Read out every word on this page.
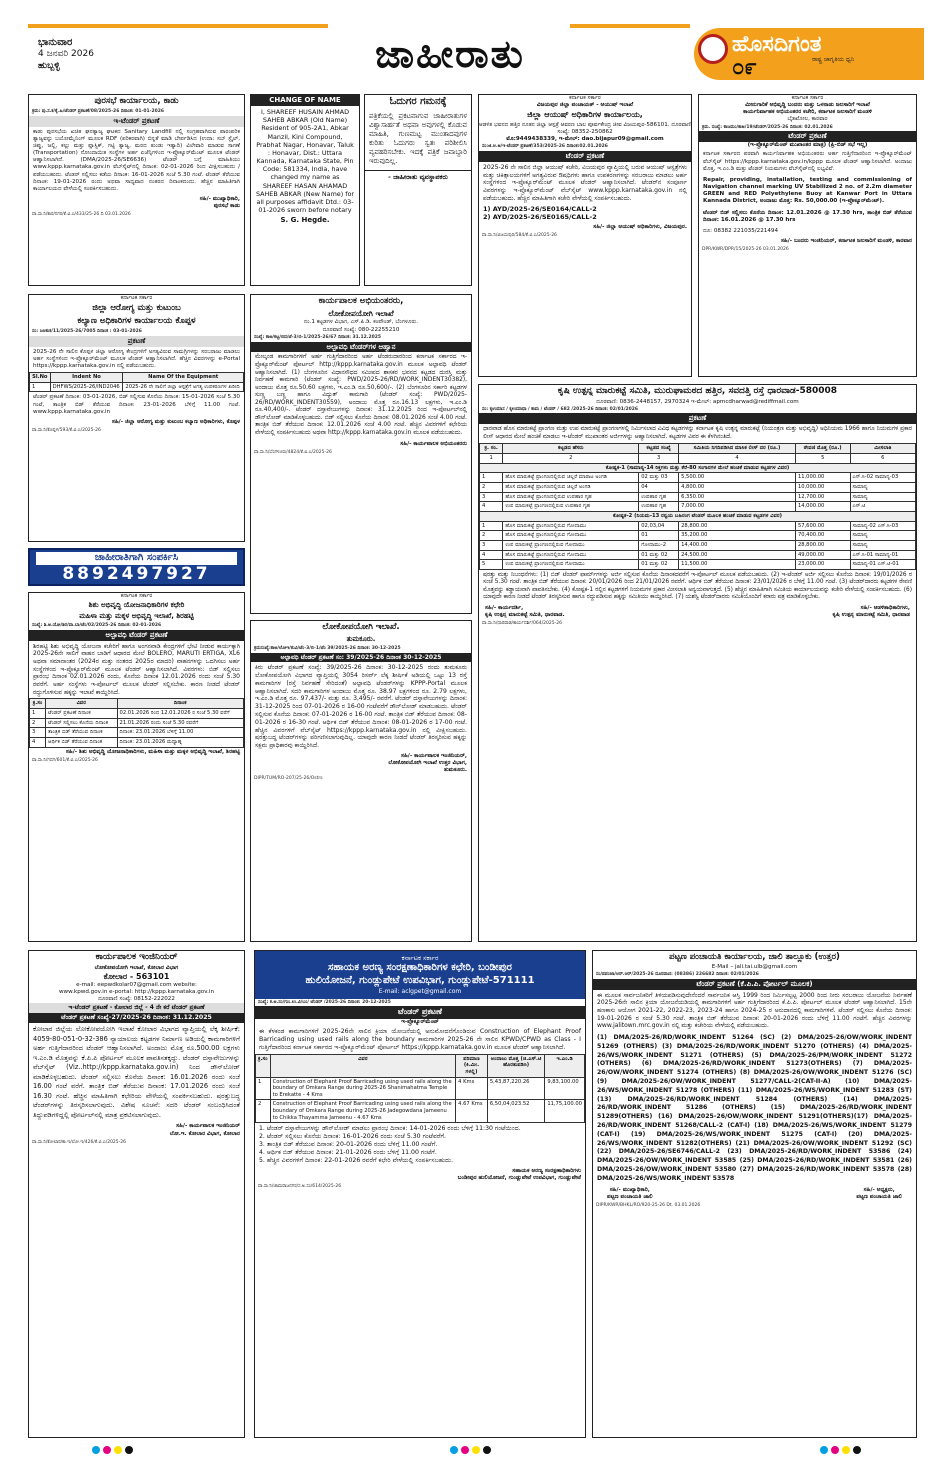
ಭಾನುವಾರ
4 ಜನವರಿ 2026
ಹುಬ್ಬಳ್ಳಿ	ಜಾಹೀರಾತು	ಹೊಸದಿಗಂತ
೦೯	ರಾಷ್ಟ್ರ ಜಾಗೃತಿಯ ಧ್ವನಿ
ಪುರಸಭೆ ಕಾರ್ಯಾಲಯ, ಕಾಡು
ಕ್ರಮ: ಪು.ಸ.ಕ/ಕೈ.ಹಿ/ಟೆಂಡರ್ ಪ್ರಕಟಣೆ/08/2025-26 ದಿನಾಂಕ: 01-01-2026
ಇ-ಟೆಂಡರ್ ಪ್ರಕಟಣೆ
ಕಾಡು ಪುರಸಭೆಯ ಖಚಿತ ಘನತ್ಯಾಜ್ಯ ಘಟಕದ Sanitary Landfill ನಲ್ಲಿ ಸಂಗ್ರಹವಾಗಿರುವ ಪಾರಂಪರಿಕ ತ್ಯಾಜ್ಯವನ್ನು ಬಯೋಮೈನಿಂಗ್ ಮೂಲಕ RDF (ಪರಿಕರವಾಗಿ) ಬಿನ್ನತೆ ಮಾಡಿ ಬೇರ್ಪಡಿಸಿದ (ಉದಾ: ಸಬ್ ಸ್ಟೈಲ್, ಚಿಪ್ಪು, ಜಲ್ಲಿ, ಕಲ್ಲು ಮತ್ತು ಪ್ಲಾಸ್ಟಿಕ್, ಗಟ್ಟಿ ತ್ಯಾಜ್ಯ, ಮರದ ತುಂಡು ಇತ್ಯಾದಿ) ವಿಲೇವಾರಿ ಮಾಡುವ ಸಾಗಣೆ (Transportation) ನೋಂದಾಯಿತ ಸಂಸ್ಥೆಗಳ ಅರ್ಹ ಏಜೆನ್ಸಿಗಳಿಂದ ಇ-ಪ್ರೊಕ್ಯೂರ್‌ಮೆಂಟ್ ಮೂಲಕ ಟೆಂಡರ್ ಆಹ್ವಾನಿಸಲಾಗಿದೆ. (DMA/2025-26/SE6636) ಟೆಂಡರ್ ಬಗ್ಗೆ ಮಾಹಿತಿಯು www.kppp.karnataka.gov.in ವೆಬ್‌ಸೈಟ್‌ನಲ್ಲಿ ದಿನಾಂಕ: 02-01-2026 ರಿಂದ ವೀಕ್ಷಿಸಬಹುದು / ಪಡೆಯಬಹುದು. ಟೆಂಡರ್ ಸಲ್ಲಿಸಲು ಕಡೆಯ ದಿನಾಂಕ: 16-01-2026 ಸಂಜೆ 5.30 ಗಂಟೆ. ಟೆಂಡರ್ ತೆರೆಯುವ ದಿನಾಂಕ: 19-01-2026 ರಂದು ಅಥವಾ ಸಾಧ್ಯವಾದ ನಂತರದ ದಿನಾಂಕದಂದು. ಹೆಚ್ಚಿನ ಮಾಹಿತಿಗಾಗಿ ಕಾರ್ಯಾಲಯದ ವೇಳೆಯಲ್ಲಿ ಸಂಪರ್ಕಿಸಬಹುದು.
ಸಹಿ/- ಮುಖ್ಯಾಧಿಕಾರಿ,
ಪುರಸಭೆ ಕಾಡು
ವಾ.ಸಾ.ನಿ/ಕಾರ/ನಗರ/ಕೆ.ವಿ.ಎ/433/25-26 ದಿ 03.01.2026
CHANGE OF NAME
I, SHAREEF HUSAIN AHMAD SAHEB ABKAR (Old Name) Resident of 905-2A1, Abkar Manzil, Kini Compound, Prabhat Nagar, Honavar, Taluk : Honavar, Dist.: Uttara Kannada, Karnataka State, Pin Code: 581334, India, have changed my name as SHAREEF HASAN AHAMAD SAHEB ABKAR (New Name) for all purposes affidavit Dtd.: 03-01-2026 sworn before notary
S. G. Hegde.
ಓದುಗರ ಗಮನಕ್ಕೆ
ಪತ್ರಿಕೆಯಲ್ಲಿ ಪ್ರಕಟವಾಗುವ ಜಾಹೀರಾತುಗಳ ವಿಶ್ವಾಸಾರ್ಹತೆ ಅಥವಾ ಅವುಗಳಲ್ಲಿ ಕೊಡುವ ಮಾಹಿತಿ, ಗುಣಮಟ್ಟ ಮುಂತಾದವುಗಳ ಕುರಿತು ಓದುಗರು ಸ್ವತಃ ಪರಿಶೀಲಿಸಿ ವ್ಯವಹರಿಸಬೇಕು. ಇದಕ್ಕೆ ಪತ್ರಿಕೆ ಜವಾಬ್ದಾರಿ ಇರುವುದಿಲ್ಲ.
- ಜಾಹೀರಾತು ವ್ಯವಸ್ಥಾಪಕರು
ಕರ್ನಾಟಕ ಸರ್ಕಾರ
ವಿಜಯಪುರ ಜಿಲ್ಲಾ ಪಂಚಾಯತ್ - ಆಯುಷ್ ಇಲಾಖೆ
ಜಿಲ್ಲಾ ಆಯುಷ್ ಅಧಿಕಾರಿಗಳ ಕಾರ್ಯಾಲಯ,
ಆಡಳಿತ ಭವನದ ಹತ್ತಿರ ನೂತನ ಜಿಲ್ಲಾ ಆಸ್ಪತ್ರೆ ಆವರಣ ಬಾಲ ಪೂರ್ವಕೇಂದ್ರ ಜೀವ ವಿಜಯಪುರ-586101. ದೂರವಾಣಿ ಸಂಖ್ಯೆ: 08352-250862
ಮೊ:9449438339, ಇ-ಮೇಲ್: dao.bijapur09@gmail.com
ಸಂ:ಜಿ.ಆ.ಅ/ಇ-ಟೆಂಡರ್ ಪ್ರಕಟಣೆ/353/2025-26 ದಿನಾಂಕ:02.01.2026
ಟೆಂಡರ್ ಪ್ರಕಟಣೆ
2025-26 ನೇ ಸಾಲಿನ ಜಿಲ್ಲಾ ಆಯುಷ್ ಕಚೇರಿ, ವಿಜಯಪುರ ವ್ಯಾಪ್ತಿಯಲ್ಲಿ ಬರುವ ಆಯುಷ್ ಆಸ್ಪತ್ರೆಗಳು ಮತ್ತು ಚಿಕಿತ್ಸಾಲಯಗಳಿಗೆ ಅಗತ್ಯವಿರುವ ಔಷಧಿಗಳು ಹಾಗೂ ಉಪಕರಣಗಳನ್ನು ಸರಬರಾಜು ಮಾಡಲು ಅರ್ಹ ಸಂಸ್ಥೆಗಳಿಂದ ಇ-ಪ್ರೊಕ್ಯೂರ್‌ಮೆಂಟ್ ಮೂಲಕ ಟೆಂಡರ್ ಆಹ್ವಾನಿಸಲಾಗಿದೆ. ಟೆಂಡರ್‌ನ ಸಂಪೂರ್ಣ ವಿವರಗಳನ್ನು ಇ-ಪ್ರೊಕ್ಯೂರ್‌ಮೆಂಟ್ ವೆಬ್‌ಸೈಟ್ www.kppp.karnataka.gov.in ನಲ್ಲಿ ಪಡೆಯಬಹುದು. ಹೆಚ್ಚಿನ ಮಾಹಿತಿಗಾಗಿ ಕಚೇರಿ ವೇಳೆಯಲ್ಲಿ ಸಂಪರ್ಕಿಸಬಹುದು.
1) AYD/2025-26/SE0164/CALL-2
2) AYD/2025-26/SE0165/CALL-2
ಸಹಿ/- ಜಿಲ್ಲಾ ಆಯುಷ್ ಅಧಿಕಾರಿಗಳು, ವಿಜಯಪುರ.
ವಾ.ಸಾ.ನಿ/ವಿಜಯಪುರ/584/ಕೆ.ವಿ.ಎ/2025-26
ಕರ್ನಾಟಕ ಸರ್ಕಾರ
ಮೀನುಗಾರಿಕೆ ಅಭಿವೃದ್ಧಿ ಬಂದರು ಮತ್ತು ಒಳನಾಡು ಜಲಸಾರಿಗೆ ಇಲಾಖೆ
ಕಾರ್ಯನಿರ್ವಾಹಕ ಅಭಿಯಂತರರ ಕಚೇರಿ, ಕರ್ನಾಟಕ ಜಲಸಾರಿಗೆ ಮಂಡಳಿ
ಬೈತಖೋಲ, ಕಾರವಾರ
ಕ್ರಮ. ಸಂಖ್ಯೆ: ಕಾಜಮಂ/ಕಾಅ/19/ಟೆಂಡರ್/2025-26 ದಿನಾಂಕ: 02.01.2026
ಟೆಂಡರ್ ಪ್ರಕಟಣೆ
(ಇ-ಪ್ರೊಕ್ಯೂರ್‌ಮೆಂಟ್ ಮುಖಾಂತರ ಮಾತ್ರ) (ಪ್ರಿ-ಬಿಡ್ ಸಭೆ ಇಲ್ಲ)
ಕರ್ನಾಟಕ ಸರ್ಕಾರದ ಪರವಾಗಿ ಕಾರ್ಯನಿರ್ವಾಹಕ ಅಭಿಯಂತರರು ಅರ್ಹ ಗುತ್ತಿಗೆದಾರರಿಂದ ಇ-ಪ್ರೊಕ್ಯೂರ್‌ಮೆಂಟ್ ವೆಬ್‌ಸೈಟ್ https://kppp.karnataka.gov.in/kppp ಮೂಲಕ ಟೆಂಡರ್ ಆಹ್ವಾನಿಸಲಾಗಿದೆ. ಅಂದಾಜು ಮೊತ್ತ, ಇ.ಎಂ.ಡಿ ಮತ್ತು ಟೆಂಡರ್ ನಿಯಮಗಳು ವೆಬ್‌ಸೈಟ್‌ನಲ್ಲಿ ಲಭ್ಯವಿವೆ.
Repair, providing, installation, testing and commissioning of Navigation channel marking UV Stabilized 2 no. of 2.2m diameter GREEN and RED Polyethylene Buoy at Kanwar Port in Uttara Kannada District, ಅಂದಾಜು ಮೊತ್ತ: Rs. 50,000.00 (ಇ-ಪ್ರೊಕ್ಯೂರ್‌ಮೆಂಟ್).
ಟೆಂಡರ್ ಬಿಡ್ ಸಲ್ಲಿಸಲು ಕೊನೆಯ ದಿನಾಂಕ: 12.01.2026 @ 17.30 hrs, ತಾಂತ್ರಿಕ ಬಿಡ್ ತೆರೆಯುವ ದಿನಾಂಕ: 16.01.2026 @ 17.30 hrs
ದೂ: 08382 221035/221494
ಸಹಿ/- ಬಂದರು ಇಂಜಿನಿಯರ್, ಕರ್ನಾಟಕ ಜಲಸಾರಿಗೆ ಮಂಡಳಿ, ಕಾರವಾರ
DPR/KWR/DPR/15/2025-26 03.01.2026
ಕರ್ನಾಟಕ ಸರ್ಕಾರ
ಜಿಲ್ಲಾ ಆರೋಗ್ಯ ಮತ್ತು ಕುಟುಂಬ
ಕಲ್ಯಾಣ ಅಧಿಕಾರಿಗಳ ಕಾರ್ಯಾಲಯ ಕೊಪ್ಪಳ
ಸಂ: ಜಆಕುಕ/11/2025-26/7005 ದಿನಾಂಕ : 03-01-2026
ಪ್ರಕಟಣೆ
2025-26 ನೇ ಸಾಲಿನ ಕೊಪ್ಪಳ ಜಿಲ್ಲಾ ಆರೋಗ್ಯ ಕೇಂದ್ರಗಳಿಗೆ ಅಗತ್ಯವಿರುವ ಸಾಮಗ್ರಿಗಳನ್ನು ಸರಬರಾಜು ಮಾಡಲು ಅರ್ಹ ಸಂಸ್ಥೆಗಳಿಂದ ಇ-ಪ್ರೊಕ್ಯೂರ್‌ಮೆಂಟ್ ಮೂಲಕ ಟೆಂಡರ್ ಆಹ್ವಾನಿಸಲಾಗಿದೆ. ಹೆಚ್ಚಿನ ವಿವರಗಳನ್ನು e-Portal https://kppp.karnataka.gov.in ನಲ್ಲಿ ಪಡೆಯಬಹುದು.
Sl.No	Indent No	Name Of the Equipment
1	DHFWS/2025-26/IND2046	2025-26 ನೇ ಸಾಲಿಗೆ ಜಿಲ್ಲಾ ಆಸ್ಪತ್ರೆಗೆ ಅಗತ್ಯ ಉಪಕರಣಗಳ ಖರೀದಿ
ಟೆಂಡರ್ ಪ್ರಕಟಣೆ ದಿನಾಂಕ: 03-01-2026, ಬಿಡ್ ಸಲ್ಲಿಸುವ ಕೊನೆಯ ದಿನಾಂಕ: 15-01-2026 ಸಂಜೆ 5.30 ಗಂಟೆ, ತಾಂತ್ರಿಕ ಬಿಡ್ ತೆರೆಯುವ ದಿನಾಂಕ: 23-01-2026 ಬೆಳಿಗ್ಗೆ 11.00 ಗಂಟೆ. www.kppp.karnataka.gov.in
ಸಹಿ/- ಜಿಲ್ಲಾ ಆರೋಗ್ಯ ಮತ್ತು ಕುಟುಂಬ ಕಲ್ಯಾಣ ಅಧಿಕಾರಿಗಳು, ಕೊಪ್ಪಳ
ವಾ.ಸಾ.ನಿ/ಕೊಪ್ಪಳ/593/ಕೆ.ವಿ.ಎ/2025-26
ಜಾಹೀರಾತಿಗಾಗಿ ಸಂಪರ್ಕಿಸಿ
8892497927
ಕಾರ್ಯಪಾಲಕ ಅಭಿಯಂತರರು,
ಲೋಕೋಪಯೋಗಿ ಇಲಾಖೆ
ನಂ.1 ಕಟ್ಟಡಗಳ ವಿಭಾಗ, ಎಸ್.ಪಿ.ಡಿ. ಕಂಪೌಂಡ್, ಬೆಂಗಳೂರು.
ದೂರವಾಣಿ ಸಂಖ್ಯೆ: 080-22255210
ಸಂಖ್ಯೆ: ಕಾಅ/ಕಟ್ಟ/ಬಿದ/ಟೆ-3/ಬಿ-1/2025-26/67 ದಿನಾಂಕ: 31.12.2025
ಅಲ್ಪಾವಧಿ ಟೆಂಡರ್‌ಗಳ ಆಹ್ವಾನ
ಮೇಲ್ಕಂಡ ಕಾಮಗಾರಿಗಳಿಗೆ ಅರ್ಹ ಗುತ್ತಿಗೆದಾರರಿಂದ ಅರ್ಹ ಟೆಂಡರುದಾರರಿಂದ ಕರ್ನಾಟಕ ಸರ್ಕಾರದ ಇ-ಪ್ರೊಕ್ಯೂರ್‌ಮೆಂಟ್ ಪೋರ್ಟಲ್ http://kppp.karnataka.gov.in ಮೂಲಕ ಅಲ್ಪಾವಧಿ ಟೆಂಡರ್ ಆಹ್ವಾನಿಸಲಾಗಿದೆ. (1) ಬೆಂಗಳೂರಿನ ವಿಧಾನಸೌಧದ ಸಮೀಪದ ಶಾಸಕರ ಭವನದ ಕಟ್ಟಡದ ದುರಸ್ತಿ ಮತ್ತು ನಿರ್ವಹಣೆ ಕಾಮಗಾರಿ (ಟೆಂಡರ್ ಸಂಖ್ಯೆ: PWD/2025-26/RD/WORK_INDENT30382), ಅಂದಾಜು ಮೊತ್ತ ರೂ.50.60 ಲಕ್ಷಗಳು, ಇ.ಎಂ.ಡಿ ರೂ.50,600/-. (2) ಬೆಂಗಳೂರಿನ ಸರ್ಕಾರಿ ಕಟ್ಟಡಗಳ ಸುಣ್ಣ ಬಣ್ಣ ಹಾಗೂ ವಿದ್ಯುತ್ ಕಾಮಗಾರಿ (ಟೆಂಡರ್ ಸಂಖ್ಯೆ: PWD/2025-26/RD/WORK_INDENT30559), ಅಂದಾಜು ಮೊತ್ತ ರೂ.16.13 ಲಕ್ಷಗಳು, ಇ.ಎಂ.ಡಿ ರೂ.40,400/-. ಟೆಂಡರ್ ದಸ್ತಾವೇಜುಗಳನ್ನು ದಿನಾಂಕ: 31.12.2025 ರಿಂದ ಇ-ಪೋರ್ಟಲ್‌ನಲ್ಲಿ ಡೌನ್‌ಲೋಡ್ ಮಾಡಿಕೊಳ್ಳಬಹುದು. ಬಿಡ್ ಸಲ್ಲಿಸಲು ಕೊನೆಯ ದಿನಾಂಕ: 08.01.2026 ಸಂಜೆ 4.00 ಗಂಟೆ. ತಾಂತ್ರಿಕ ಬಿಡ್ ತೆರೆಯುವ ದಿನಾಂಕ: 12.01.2026 ಸಂಜೆ 4.00 ಗಂಟೆ. ಹೆಚ್ಚಿನ ವಿವರಗಳಿಗೆ ಕಛೇರಿಯ ವೇಳೆಯಲ್ಲಿ ಸಂಪರ್ಕಿಸಬಹುದು ಅಥವಾ http://kppp.karnataka.gov.in ಮೂಲಕ ಪಡೆಯಬಹುದು.
ಸಹಿ/- ಕಾರ್ಯಪಾಲಕ ಅಭಿಯಂತರರು
ವಾ.ಸಾ.ನಿ/ಬೆಂಗಳೂರು/4824/ಕೆ.ವಿ.ಎ/2025-26
ಕರ್ನಾಟಕ ಸರ್ಕಾರ
ಶಿಶು ಅಭಿವೃದ್ಧಿ ಯೋಜನಾಧಿಕಾರಿಗಳ ಕಛೇರಿ
ಮಹಿಳಾ ಮತ್ತು ಮಕ್ಕಳ ಅಭಿವೃದ್ಧಿ ಇಲಾಖೆ, ಶಿರಹಟ್ಟಿ
ಸಂಖ್ಯೆ: ಶಿ.ಅ.ಯೋ/ಶಿರ/ವಾ.ಬಾ/ಟೆಂ/02/2025-26 ದಿನಾಂಕ: 02-01-2026
ಅಲ್ಪಾವಧಿ ಟೆಂಡರ್ ಪ್ರಕಟಣೆ
ಶಿರಹಟ್ಟಿ ಶಿಶು ಅಭಿವೃದ್ಧಿ ಯೋಜನಾ ಕಚೇರಿಗೆ ಹಾಗೂ ಅಂಗನವಾಡಿ ಕೇಂದ್ರಗಳಿಗೆ ಭೇಟಿ ನೀಡುವ ಕಾರ್ಯಕ್ಕಾಗಿ 2025-26ನೇ ಸಾಲಿಗೆ ವಾಹನ ಬಾಡಿಗೆ ಆಧಾರದ ಮೇಲೆ BOLERO, MARUTI ERTIGA, XL6 ಅಥವಾ ಸಮಾನಾಂತರ (2024ರ ಮತ್ತು ನಂತರದ 2025ರ ಮಾದರಿ) ವಾಹನಗಳನ್ನು ಒದಗಿಸಲು ಅರ್ಹ ಸಂಸ್ಥೆಗಳಿಂದ ಇ-ಪ್ರೊಕ್ಯೂರ್‌ಮೆಂಟ್ ಮೂಲಕ ಟೆಂಡರ್ ಆಹ್ವಾನಿಸಲಾಗಿದೆ. ವಿವರಗಳು: ಬಿಡ್ ಸಲ್ಲಿಸಲು ಪ್ರಾರಂಭ ದಿನಾಂಕ 02.01.2026 ರಂದು, ಕೊನೆಯ ದಿನಾಂಕ 12.01.2026 ರಂದು ಸಂಜೆ 5.30 ರವರೆಗೆ. ಅರ್ಹ ಸಂಸ್ಥೆಗಳು ಇ-ಪೋರ್ಟಲ್ ಮೂಲಕ ಟೆಂಡರ್ ಸಲ್ಲಿಸಬೇಕು. ಕಾರಣ ನೀಡದೆ ಟೆಂಡರ್ ರದ್ದುಗೊಳಿಸುವ ಹಕ್ಕನ್ನು ಇಲಾಖೆ ಕಾಯ್ದಿರಿಸಿದೆ.
ಕ್ರ.ಸಂ	ವಿವರ	ದಿನಾಂಕ
1	ಟೆಂಡರ್ ಪ್ರಕಟಣೆ ದಿನಾಂಕ	02.01.2026 ರಿಂದ 12.01.2026 ರ ಸಂಜೆ 5.30 ವರೆಗೆ
2	ಟೆಂಡರ್ ಸಲ್ಲಿಸಲು ಕೊನೆಯ ದಿನಾಂಕ	21.01.2026 ರಂದು ಸಂಜೆ 5.30 ರವರೆಗೆ
3	ತಾಂತ್ರಿಕ ಬಿಡ್ ತೆರೆಯುವ ದಿನಾಂಕ	ದಿನಾಂಕ: 23.01.2026 ಬೆಳಿಗ್ಗೆ 11.00
4	ಆರ್ಥಿಕ ಬಿಡ್ ತೆರೆಯುವ ದಿನಾಂಕ	ದಿನಾಂಕ: 23.01.2026 ಮಧ್ಯಾಹ್ನ
ಸಹಿ/- ಶಿಶು ಅಭಿವೃದ್ಧಿ ಯೋಜನಾಧಿಕಾರಿಗಳು, ಮಹಿಳಾ ಮತ್ತು ಮಕ್ಕಳ ಅಭಿವೃದ್ಧಿ ಇಲಾಖೆ, ಶಿರಹಟ್ಟಿ
ವಾ.ಸಾ.ನಿ/ಗದಗ/601/ಕೆ.ವಿ.ಎ/2025-26
ಲೋಕೋಪಯೋಗಿ ಇಲಾಖೆ.
ತುಮಕೂರು.
ಕ್ರಮಸಂಖ್ಯೆ:ಕಾಅ/ಲೋಇ/ತುವಿ/ಟೆಂ-3/ಬಿ-1/ಟೆಂ 39/2025-26 ದಿನಾಂಕ: 30-12-2025
ಅಲ್ಪಾವಧಿ ಟೆಂಡರ್ ಪ್ರಕಟಣೆ ಸಂ: 39/2025-26 ದಿನಾಂಕ 30-12-2025
ಕಿರು ಟೆಂಡರ್ ಪ್ರಕಟಣೆ ಸಂಖ್ಯೆ: 39/2025-26 ದಿನಾಂಕ: 30-12-2025 ರಂದು ತುಮಕೂರು ಲೋಕೋಪಯೋಗಿ ವಿಭಾಗದ ವ್ಯಾಪ್ತಿಯಲ್ಲಿ 3054 ರಿಸರ್ವ್ ಲೆಕ್ಕ ಶೀರ್ಷಿಕೆ ಅಡಿಯಲ್ಲಿ ಒಟ್ಟು 13 ರಸ್ತೆ ಕಾಮಗಾರಿಗಳ (ರಸ್ತೆ ನಿರ್ವಹಣೆ ಸೇರಿದಂತೆ) ಅಲ್ಪಾವಧಿ ಟೆಂಡರ್‌ಗಳನ್ನು KPPP-Portal ಮೂಲಕ ಆಹ್ವಾನಿಸಲಾಗಿದೆ. ಸದರಿ ಕಾಮಗಾರಿಗಳ ಅಂದಾಜು ಮೊತ್ತ ರೂ. 38.97 ಲಕ್ಷಗಳಿಂದ ರೂ. 2.79 ಲಕ್ಷಗಳು, ಇ.ಎಂ.ಡಿ ಮೊತ್ತ ರೂ. 97,437/- ಮತ್ತು ರೂ. 3,495/- ರವರೆಗೆ. ಟೆಂಡರ್ ದಸ್ತಾವೇಜುಗಳನ್ನು ದಿನಾಂಕ: 31-12-2025 ರಿಂದ 07-01-2026 ರ 16-00 ಗಂಟೆವರೆಗೆ ಡೌನ್‌ಲೋಡ್ ಮಾಡಬಹುದು. ಟೆಂಡರ್ ಸಲ್ಲಿಸುವ ಕೊನೆಯ ದಿನಾಂಕ: 07-01-2026 ರ 16-00 ಗಂಟೆ. ತಾಂತ್ರಿಕ ಬಿಡ್ ತೆರೆಯುವ ದಿನಾಂಕ: 08-01-2026 ರ 16-30 ಗಂಟೆ. ಆರ್ಥಿಕ ಬಿಡ್ ತೆರೆಯುವ ದಿನಾಂಕ: 08-01-2026 ರ 17-00 ಗಂಟೆ. ಹೆಚ್ಚಿನ ವಿವರಗಳಿಗೆ ವೆಬ್‌ಸೈಟ್ https://kppp.karnataka.gov.in ನಲ್ಲಿ ವೀಕ್ಷಿಸಬಹುದು. ಷರತ್ತುಬದ್ಧ ಟೆಂಡರ್‌ಗಳನ್ನು ಪರಿಗಣಿಸಲಾಗುವುದಿಲ್ಲ. ಯಾವುದೇ ಕಾರಣ ನೀಡದೆ ಟೆಂಡರ್ ತಿರಸ್ಕರಿಸುವ ಹಕ್ಕನ್ನು ಸಕ್ಷಮ ಪ್ರಾಧಿಕಾರವು ಕಾಯ್ದಿರಿಸಿದೆ.
ಸಹಿ/- ಕಾರ್ಯಪಾಲಕ ಇಂಜಿನಿಯರ್,
ಲೋಕೋಪಯೋಗಿ ಇಲಾಖೆ ಉತ್ತರ ವಿಭಾಗ,
ತುಮಕೂರು.
DIPR/TUM/RO-207/25-26/Ostrs
ಕೃಷಿ ಉತ್ಪನ್ನ ಮಾರುಕಟ್ಟೆ ಸಮಿತಿ, ಮುರುಘಾಮಠದ ಹತ್ತಿರ, ಸವದತ್ತಿ ರಸ್ತೆ ಧಾರವಾಡ-580008
ದೂರವಾಣಿ: 0836-2448157, 2970324 ಇ-ಮೇಲ್: apmcdharwad@rediffmail.com
ಸಂ: ಕೃಉಮಾಸ / ಕೃಉಮಾಧಾ / ಕಾಮ / ಟೆಂಡರ್ / 682 /2025-26 ದಿನಾಂಕ: 02/01/2026
ಪ್ರಕಟಣೆ
ಧಾರವಾಡ ಹೊಸ ಮಾರುಕಟ್ಟೆ ಪ್ರಾಂಗಣ ಮತ್ತು ಉಪ ಮಾರುಕಟ್ಟೆ ಪ್ರಾಂಗಣಗಳಲ್ಲಿ ನಿರ್ಮಿಸಲಾದ ವಿವಿಧ ಕಟ್ಟಡಗಳನ್ನು ಕರ್ನಾಟಕ ಕೃಷಿ ಉತ್ಪನ್ನ ಮಾರುಕಟ್ಟೆ (ನಿಯಂತ್ರಣ ಮತ್ತು ಅಭಿವೃದ್ಧಿ) ಅಧಿನಿಯಮ 1966 ಹಾಗೂ ನಿಯಮಗಳ ಪ್ರಕಾರ ಲೀಸ್ ಆಧಾರದ ಮೇಲೆ ಹಂಚಿಕೆ ಮಾಡಲು ಇ-ಟೆಂಡರ್ ಮುಖಾಂತರ ಅರ್ಜಿಗಳನ್ನು ಆಹ್ವಾನಿಸಲಾಗಿದೆ. ಕಟ್ಟಡಗಳ ವಿವರ ಈ ಕೆಳಗಿನಂತಿದೆ.
ಕ್ರ. ಸಂ.	ಕಟ್ಟಡದ ಹೆಸರು	ಕಟ್ಟಡದ ಸಂಖ್ಯೆ	ಸಮಿತಿಯ ನಿಗದಿಪಡಿಸಿದ ಮಾಸಿಕ ಲೀಸ್ ದರ (ರೂ.)	ಠೇವಣಿ ಮೊತ್ತ (ರೂ.)	ಮೀಸಲಾತಿ
1	2	3	4	5	6
ಕೋಷ್ಟಕ-1 (ಸಾಮಾನ್ಯ-14 ರಿಕ್ತಗಳು ಮತ್ತು ಕೆರೆ-80 ಸಂಗಾರಗಳ ಮೇಲೆ ಹಂಚಿಕೆ ಮಾಡುವ ಕಟ್ಟಡಗಳ ವಿವರ)					
1	ಹೊಸ ಮಾರುಕಟ್ಟೆ ಪ್ರಾಂಗಣದಲ್ಲಿರುವ ಚಿಲ್ಲರೆ ಮಾರಾಟ ಅಂಗಡಿ	02 ಮತ್ತು 03	5,500.00	11,000.00	ಎಸ್.ಸಿ-02 ಸಾಮಾನ್ಯ-03
2	ಹೊಸ ಮಾರುಕಟ್ಟೆ ಪ್ರಾಂಗಣದಲ್ಲಿರುವ ಚಿಲ್ಲರೆ ಅಂಗಡಿ	04	4,800.00	10,000.00	ಸಾಮಾನ್ಯ
3	ಹೊಸ ಮಾರುಕಟ್ಟೆ ಪ್ರಾಂಗಣದಲ್ಲಿರುವ ಉಪಹಾರ ಗೃಹ	ಉಪಹಾರ ಗೃಹ	6,350.00	12,700.00	ಸಾಮಾನ್ಯ
4	ಉಪ ಮಾರುಕಟ್ಟೆ ಪ್ರಾಂಗಣದಲ್ಲಿರುವ ಉಪಹಾರ ಗೃಹ	ಉಪಹಾರ ಗೃಹ	7,000.00	14,000.00	ಎಸ್.ಟಿ
ಕೋಷ್ಟಕ-2 (ನಿಯಮ-13 ರನ್ವಯ ಬಹಿರಂಗ ಟೆಂಡರ್ ಮೂಲಕ ಹಂಚಿಕೆ ಮಾಡುವ ಕಟ್ಟಡಗಳ ವಿವರ)					
1	ಹೊಸ ಮಾರುಕಟ್ಟೆ ಪ್ರಾಂಗಣದಲ್ಲಿರುವ ಗೋದಾಮು	02,03,04	28,800.00	57,600.00	ಸಾಮಾನ್ಯ-02 ಎಸ್.ಸಿ-03
2	ಹೊಸ ಮಾರುಕಟ್ಟೆ ಪ್ರಾಂಗಣದಲ್ಲಿರುವ ಗೋದಾಮು	01	35,200.00	70,400.00	ಸಾಮಾನ್ಯ
3	ಉಪ ಮಾರುಕಟ್ಟೆ ಪ್ರಾಂಗಣದಲ್ಲಿರುವ ಗೋದಾಮು	ಗೋದಾಮು-2	14,400.00	28,800.00	ಸಾಮಾನ್ಯ
4	ಹೊಸ ಮಾರುಕಟ್ಟೆ ಪ್ರಾಂಗಣದಲ್ಲಿರುವ ಗೋದಾಮು	01 ಮತ್ತು 02	24,500.00	49,000.00	ಎಸ್.ಸಿ-01 ಸಾಮಾನ್ಯ-01
5	ಉಪ ಮಾರುಕಟ್ಟೆ ಪ್ರಾಂಗಣದಲ್ಲಿರುವ ಗೋದಾಮು	01 ಮತ್ತು 02	11,500.00	23,000.00	ಸಾಮಾನ್ಯ-01 ಎಸ್.ಟಿ-01
ಷರತ್ತು ಮತ್ತು ನಿಬಂಧನೆಗಳು: (1) ಬಿಡ್ ಟೆಂಡರ್ ಫಾರ್ಮ್‌ಗಳನ್ನು ಅರ್ಜಿ ಸಲ್ಲಿಸುವ ಕೊನೆಯ ದಿನಾಂಕದವರೆಗೆ ಇ-ಪೋರ್ಟಲ್ ಮೂಲಕ ಪಡೆಯಬಹುದು. (2) ಇ-ಟೆಂಡರ್ ಅರ್ಜಿ ಸಲ್ಲಿಸಲು ಕೊನೆಯ ದಿನಾಂಕ: 19/01/2026 ರ ಸಂಜೆ 5.30 ಗಂಟೆ. ತಾಂತ್ರಿಕ ಬಿಡ್ ತೆರೆಯುವ ದಿನಾಂಕ: 20/01/2026 ರಿಂದ 21/01/2026 ರವರೆಗೆ. ಆರ್ಥಿಕ ಬಿಡ್ ತೆರೆಯುವ ದಿನಾಂಕ: 23/01/2026 ರ ಬೆಳಿಗ್ಗೆ 11.00 ಗಂಟೆ. (3) ಟೆಂಡರ್‌ದಾರರು ಕಟ್ಟಡಗಳ ಠೇವಣಿ ಮೊತ್ತವನ್ನು ಕಡ್ಡಾಯವಾಗಿ ಪಾವತಿಸಬೇಕು. (4) ಕೋಷ್ಟಕ-1 ರಲ್ಲಿನ ಕಟ್ಟಡಗಳಿಗೆ ನಿಯಮಗಳ ಪ್ರಕಾರ ಮೀಸಲಾತಿ ಅನ್ವಯವಾಗುತ್ತದೆ. (5) ಹೆಚ್ಚಿನ ಮಾಹಿತಿಗಾಗಿ ಸಮಿತಿಯ ಕಾರ್ಯಾಲಯವನ್ನು ಕಚೇರಿ ವೇಳೆಯಲ್ಲಿ ಸಂಪರ್ಕಿಸಬಹುದು. (6) ಯಾವುದೇ ಕಾರಣ ನೀಡದೆ ಟೆಂಡರ್ ತಿರಸ್ಕರಿಸುವ ಹಾಗೂ ರದ್ದುಪಡಿಸುವ ಹಕ್ಕನ್ನು ಸಮಿತಿಯು ಕಾಯ್ದಿರಿಸಿದೆ. (7) ಯಶಸ್ವಿ ಟೆಂಡರ್‌ದಾರರು ಸಮಿತಿಯೊಂದಿಗೆ ಕರಾರು ಪತ್ರ ಮಾಡಿಕೊಳ್ಳಬೇಕು.
ಸಹಿ/- ಕಾರ್ಯದರ್ಶಿ,
ಕೃಷಿ ಉತ್ಪನ್ನ ಮಾರುಕಟ್ಟೆ ಸಮಿತಿ, ಧಾರವಾಡ.
ಸಹಿ/- ಆಡಳಿತಾಧಿಕಾರಿಗಳು,
ಕೃಷಿ ಉತ್ಪನ್ನ ಮಾರುಕಟ್ಟೆ ಸಮಿತಿ, ಧಾರವಾಡ
ವಾ.ಸಾ.ನಿ/ಧಾರವಾಡ/ಕಾರ್ಯದರ್ಶಿ/064/2025-26
ಕಾರ್ಯಪಾಲಕ ಇಂಜಿನಿಯರ್
ಲೋಕೋಪಯೋಗಿ ಇಲಾಖೆ, ಕೋಲಾರ ವಿಭಾಗ
ಕೋಲಾರ - 563101
e-mail: eepwdkolar07@gmail.com website:
www.kpwd.gov.in e-portal: http://kppp.karnataka.gov.in
ದೂರವಾಣಿ ಸಂಖ್ಯೆ: 08152-222022
ಇ-ಟೆಂಡರ್ ಪ್ರಕಟಣೆ - ಕೋಲಾರ ಜಿಲ್ಲೆ - 4 ನೇ ಕರೆ ಟೆಂಡರ್ ಪ್ರಕಟಣೆ
ಟೆಂಡರ್ ಪ್ರಕಟಣೆ ಸಂಖ್ಯೆ-27/2025-26 ದಿನಾಂಕ: 31.12.2025
ಕೋಲಾರ ಜಿಲ್ಲೆಯ ಲೋಕೋಪಯೋಗಿ ಇಲಾಖೆ ಕೋಲಾರ ವಿಭಾಗದ ವ್ಯಾಪ್ತಿಯಲ್ಲಿ ಲೆಕ್ಕ ಶೀರ್ಷಿಕೆ: 4059-80-051-0-32-386 ನ್ಯಾಯಾಲಯ ಕಟ್ಟಡಗಳ ನಿರ್ಮಾಣ ಅಡಿಯಲ್ಲಿ ಕಾಮಗಾರಿಗಳಿಗೆ ಅರ್ಹ ಗುತ್ತಿಗೆದಾರರಿಂದ ಟೆಂಡರ್ ಆಹ್ವಾನಿಸಲಾಗಿದೆ. ಅಂದಾಜು ಮೊತ್ತ ರೂ.500.00 ಲಕ್ಷಗಳು ಇ.ಎಂ.ಡಿ ಮೊತ್ತವನ್ನು ಕೆ.ಪಿ.ಪಿ ಪೋರ್ಟಲ್ ಮೂಲಕ ಪಾವತಿಸತಕ್ಕದ್ದು. ಟೆಂಡರ್ ದಸ್ತಾವೇಜುಗಳನ್ನು ವೆಬ್‌ಸೈಟ್ (Viz..http://kppp.karnataka.gov.in) ನಿಂದ ಡೌನ್‌ಲೋಡ್ ಮಾಡಿಕೊಳ್ಳಬಹುದು. ಟೆಂಡರ್ ಸಲ್ಲಿಸಲು ಕೊನೆಯ ದಿನಾಂಕ: 16.01.2026 ರಂದು ಸಂಜೆ 16.00 ಗಂಟೆ ವರೆಗೆ. ತಾಂತ್ರಿಕ ಬಿಡ್ ತೆರೆಯುವ ದಿನಾಂಕ: 17.01.2026 ರಂದು ಸಂಜೆ 16.30 ಗಂಟೆ. ಹೆಚ್ಚಿನ ಮಾಹಿತಿಗಾಗಿ ಕಛೇರಿಯ ವೇಳೆಯಲ್ಲಿ ಸಂಪರ್ಕಿಸಬಹುದು. ಷರತ್ತುಬದ್ಧ ಟೆಂಡರ್‌ಗಳನ್ನು ತಿರಸ್ಕರಿಸಲಾಗುವುದು. ವಿಶೇಷ ಸೂಚನೆ: ಸದರಿ ಟೆಂಡರ್ ಸಂಬಂಧಿಸಿದಂತೆ ತಿದ್ದುಪಡಿಗಳಿದ್ದಲ್ಲಿ ಪೋರ್ಟಲ್‌ನಲ್ಲಿ ಮಾತ್ರ ಪ್ರಕಟಿಸಲಾಗುವುದು.
ಸಹಿ/- ಕಾರ್ಯಪಾಲಕ ಇಂಜಿನಿಯರ್
ಲೋ.ಇ. ಕೋಲಾರ ವಿಭಾಗ, ಕೋಲಾರ
ವಾ.ಸಾ.ನಿ/ಕೋಲಾರ/ಕಾ.ಇ/ಲೋ.ಇ/426/ಕೆ.ವಿ.ಎ/2025-26
ಕರ್ನಾಟಕ ಸರ್ಕಾರ
ಸಹಾಯಕ ಅರಣ್ಯ ಸಂರಕ್ಷಣಾಧಿಕಾರಿಗಳ ಕಛೇರಿ, ಬಂಡೀಪುರ
ಹುಲಿಯೋಜನೆ, ಗುಂಡ್ಲುಪೇಟೆ ಉಪವಿಭಾಗ, ಗುಂಡ್ಲುಪೇಟೆ-571111
E-mail: aclgpet@gmail.com
ಸಂಖ್ಯೆ: ಕ.ಅ.ಸಂ/ಗುಂ.ಉ.ವಿ/ಬಂ/ ಟೆಂಡರ್ /2025-26 ದಿನಾಂಕ: 20-12-2025
ಟೆಂಡರ್ ಪ್ರಕಟಣೆ
ಇ-ಪ್ರೊಕ್ಯೂರ್‌ಮೆಂಟ್
ಈ ಕೆಳಕಂಡ ಕಾಮಗಾರಿಗಳಿಗೆ 2025-26ನೇ ಸಾಲಿನ ಕ್ರಿಯಾ ಯೋಜನೆಯಲ್ಲಿ ಅನುಮೋದನೆಗೊಂಡಿರುವ Construction of Elephant Proof Barricading using used rails along the boundary ಕಾಮಗಾರಿಗಳ 2025-26 ನೇ ಸಾಲಿನ KPWD/CPWD as Class - I ಗುತ್ತಿಗೆದಾರರಿಂದ ಕರ್ನಾಟಕ ಸರ್ಕಾರದ ಇ-ಪ್ರೊಕ್ಯೂರ್‌ಮೆಂಟ್ ಪೋರ್ಟಲ್ https://kppp.karnataka.gov.in ಮೂಲಕ ಟೆಂಡರ್ ಆಹ್ವಾನಿಸಲಾಗಿದೆ.
ಕ್ರ.ಸಂ	ವಿವರ	ಪರಿಮಾಣ (ಕಿ.ಮೀ. ಗಳಲ್ಲಿ)	ಅಂದಾಜು ಮೊತ್ತ (ಜಿ.ಎಸ್.ಟಿ ಹೊರತುಪಡಿಸಿ)	ಇ.ಎಂ.ಡಿ
1	Construction of Elephant Proof Barricading using used rails along the boundary of Omkara Range during 2025-26 Shanimahatma Temple to Erekatte - 4 Kms	4 Kms	5,43,87,220.26	9,83,100.00
2	Construction of Elephant Proof Barricading using used rails along the boundary of Omkara Range during 2025-26 Jadegowdana Jameenu to Chikka Thayamma Jameenu - 4.67 Kms	4.67 Kms	6,50,04,023.52	11,75,100.00
1. ಟೆಂಡರ್ ದಸ್ತಾವೇಜುಗಳನ್ನು ಡೌನ್‌ಲೋಡ್ ಮಾಡಲು ಪ್ರಾರಂಭ ದಿನಾಂಕ: 14-01-2026 ರಂದು ಬೆಳಿಗ್ಗೆ 11:30 ಗಂಟೆಯಿಂದ.
2. ಟೆಂಡರ್ ಸಲ್ಲಿಸಲು ಕೊನೆಯ ದಿನಾಂಕ: 16-01-2026 ರಂದು ಸಂಜೆ 5.30 ಗಂಟೆವರೆಗೆ.
3. ತಾಂತ್ರಿಕ ಬಿಡ್ ತೆರೆಯುವ ದಿನಾಂಕ: 20-01-2026 ರಂದು ಬೆಳಿಗ್ಗೆ 11.00 ಗಂಟೆಗೆ.
4. ಆರ್ಥಿಕ ಬಿಡ್ ತೆರೆಯುವ ದಿನಾಂಕ: 21-01-2026 ರಂದು ಬೆಳಿಗ್ಗೆ 11.00 ಗಂಟೆಗೆ.
5. ಹೆಚ್ಚಿನ ವಿವರಗಳಿಗೆ ದಿನಾಂಕ: 22-01-2026 ರವರೆಗೆ ಕಛೇರಿ ವೇಳೆಯಲ್ಲಿ ಸಂಪರ್ಕಿಸಬಹುದು.
ಸಹಾಯಕ ಅರಣ್ಯ ಸಂರಕ್ಷಣಾಧಿಕಾರಿಗಳು
ಬಂಡೀಪುರ ಹುಲಿಯೋಜನೆ, ಗುಂಡ್ಲುಪೇಟೆ ಉಪವಿಭಾಗ, ಗುಂಡ್ಲುಪೇಟೆ
ವಾ.ಸಾ.ನಿ/ಚಾಮರಾಜನಗರ/ಸ.ಅ.ಸಂ/614/2025-26
ಪಟ್ಟಣ ಪಂಚಾಯತಿ ಕಾರ್ಯಾಲಯ, ಜಾಲಿ ತಾಲ್ಲೂಕು (ಉತ್ತರ)
E-Mail – jali.tai.ulb@gmail.com
ಸಂ/ಪಪಂಜಾ/ಆರ್.ಆರ್/2025-26 ದೂರವಾಣಿ: (08386) 226682 ದಿನಾಂಕ: 02/01/2026
ಟೆಂಡರ್ ಪ್ರಕಟಣೆ (ಕೆ.ಪಿ.ಪಿ. ಪೋರ್ಟಲ್ ಮೂಲಕ)
ಈ ಮೂಲಕ ಸಾರ್ವಜನಿಕರಿಗೆ ತಿಳಿಯಪಡಿಸುವುದೇನೆಂದರೆ ಸಾರ್ವಜನಿಕ ಆಸ್ತಿ 1999 ರಿಂದ ನಿರ್ಮಿಸಲ್ಪಟ್ಟ 2000 ರಿಂದ ನೀರು ಸರಬರಾಜು ಯೋಜನೆಯ ನಿರ್ವಹಣೆ 2025-26ನೇ ಸಾಲಿನ ಕ್ರಿಯಾ ಯೋಜನೆಯಡಿಯಲ್ಲಿ ಕಾಮಗಾರಿಗಳಿಗೆ ಅರ್ಹ ಗುತ್ತಿಗೆದಾರರಿಂದ ಕೆ.ಪಿ.ಪಿ. ಪೋರ್ಟಲ್ ಮೂಲಕ ಟೆಂಡರ್ ಆಹ್ವಾನಿಸಲಾಗಿದೆ. 15ನೇ ಹಣಕಾಸು ಆಯೋಗ 2021-22, 2022-23, 2023-24 ಹಾಗೂ 2024-25 ರ ಅನುದಾನದಲ್ಲಿ ಕಾಮಗಾರಿಗಳಿವೆ. ಟೆಂಡರ್ ಸಲ್ಲಿಸಲು ಕೊನೆಯ ದಿನಾಂಕ: 19-01-2026 ರ ಸಂಜೆ 5.30 ಗಂಟೆ. ತಾಂತ್ರಿಕ ಬಿಡ್ ತೆರೆಯುವ ದಿನಾಂಕ: 20-01-2026 ರಂದು ಬೆಳಿಗ್ಗೆ 11.00 ಗಂಟೆಗೆ. ಹೆಚ್ಚಿನ ವಿವರಗಳನ್ನು www.jalitown.mrc.gov.in ನಲ್ಲಿ ಮತ್ತು ಕಚೇರಿಯ ವೇಳೆಯಲ್ಲಿ ಪಡೆಯಬಹುದು.
(1) DMA/2025-26/RD/WORK_INDENT 51264 (SC) (2) DMA/2025-26/OW/WORK_INDENT 51269 (OTHERS) (3) DMA/2025-26/RD/WORK_INDENT 51270 (OTHERS) (4) DMA/2025-26/WS/WORK_INDENT 51271 (OTHERS) (5) DMA/2025-26/PM/WORK_INDENT 51272 (OTHERS) (6) DMA/2025-26/RD/WORK_INDENT 51273(OTHERS) (7) DMA/2025-26/OW/WORK_INDENT 51274 (OTHERS) (8) DMA/2025-26/OW/WORK_INDENT 51276 (SC) (9) DMA/2025-26/OW/WORK_INDENT 51277/CALL-2(CAT-II-A) (10) DMA/2025-26/WS/WORK_INDENT 51278 (OTHERS) (11) DMA/2025-26/WS/WORK_INDENT 51283 (ST) (13) DMA/2025-26/RD/WORK_INDENT 51284 (OTHERS) (14) DMA/2025-26/RD/WORK_INDENT 51286 (OTHERS) (15) DMA/2025-26/RD/WORK_INDENT 51289(OTHERS) (16) DMA/2025-26/OW/WORK_INDENT 51291(OTHERS)(17) DMA/2025-26/RD/WORK_INDENT 51268/CALL-2 (CAT-I) (18) DMA/2025-26/WS/WORK_INDENT 51279 (CAT-I) (19) DMA/2025-26/WS/WORK_INDENT 51275 (CAT-I) (20) DMA/2025-26/WS/WORK_INDENT 51282(OTHERS) (21) DMA/2025-26/OW/WORK_INDENT 51292 (SC) (22) DMA/2025-26/SE6746/CALL-2 (23) DMA/2025-26/RD/WORK_INDENT 53586 (24) DMA/2025-26/OW/WORK_INDENT 53585 (25) DMA/2025-26/RD/WORK_INDENT 53581 (26) DMA/2025-26/OW/WORK_INDENT 53580 (27) DMA/2025-26/RD/WORK_INDENT 53578 (28) DMA/2025-26/WS/WORK_INDENT 53578
ಸಹಿ/- ಮುಖ್ಯಾಧಿಕಾರಿ,
ಪಟ್ಟಣ ಪಂಚಾಯತಿ ಜಾಲಿ
ಸಹಿ/- ಅಧ್ಯಕ್ಷರು,
ಪಟ್ಟಣ ಪಂಚಾಯತಿ ಜಾಲಿ
DIPR/KWR/BHKL/RO/920-25-26 Dt. 03.01.2026
